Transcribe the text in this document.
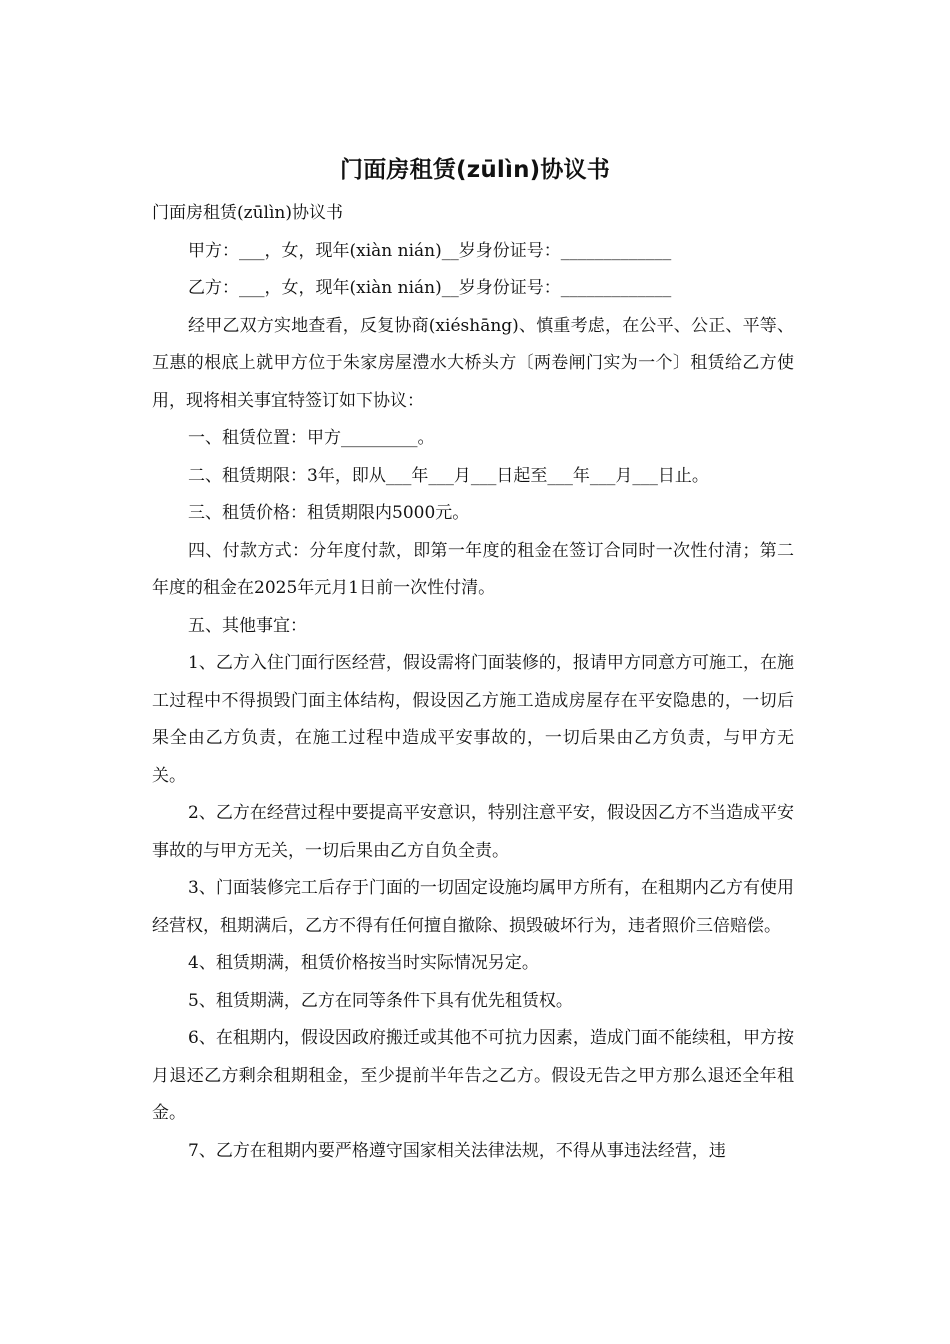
门面房租赁(zūlìn)协议书

门面房租赁(zūlìn)协议书

甲方：___，女，现年(xiàn nián)__岁身份证号：_____________

乙方：___，女，现年(xiàn nián)__岁身份证号：_____________

经甲乙双方实地查看，反复协商(xiéshāng)、慎重考虑，在公平、公正、平等、互惠的根底上就甲方位于朱家房屋澧水大桥头方〔两卷闸门实为一个〕租赁给乙方使用，现将相关事宜特签订如下协议：

一、租赁位置：甲方_________。

二、租赁期限：3年，即从___年___月___日起至___年___月___日止。

三、租赁价格：租赁期限内5000元。

四、付款方式：分年度付款，即第一年度的租金在签订合同时一次性付清；第二年度的租金在2025年元月1日前一次性付清。

五、其他事宜：

1、乙方入住门面行医经营，假设需将门面装修的，报请甲方同意方可施工，在施工过程中不得损毁门面主体结构，假设因乙方施工造成房屋存在平安隐患的，一切后果全由乙方负责，在施工过程中造成平安事故的，一切后果由乙方负责，与甲方无关。

2、乙方在经营过程中要提高平安意识，特别注意平安，假设因乙方不当造成平安事故的与甲方无关，一切后果由乙方自负全责。

3、门面装修完工后存于门面的一切固定设施均属甲方所有，在租期内乙方有使用经营权，租期满后，乙方不得有任何擅自撤除、损毁破坏行为，违者照价三倍赔偿。

4、租赁期满，租赁价格按当时实际情况另定。

5、租赁期满，乙方在同等条件下具有优先租赁权。

6、在租期内，假设因政府搬迁或其他不可抗力因素，造成门面不能续租，甲方按月退还乙方剩余租期租金，至少提前半年告之乙方。假设无告之甲方那么退还全年租金。

7、乙方在租期内要严格遵守国家相关法律法规，不得从事违法经营，违
